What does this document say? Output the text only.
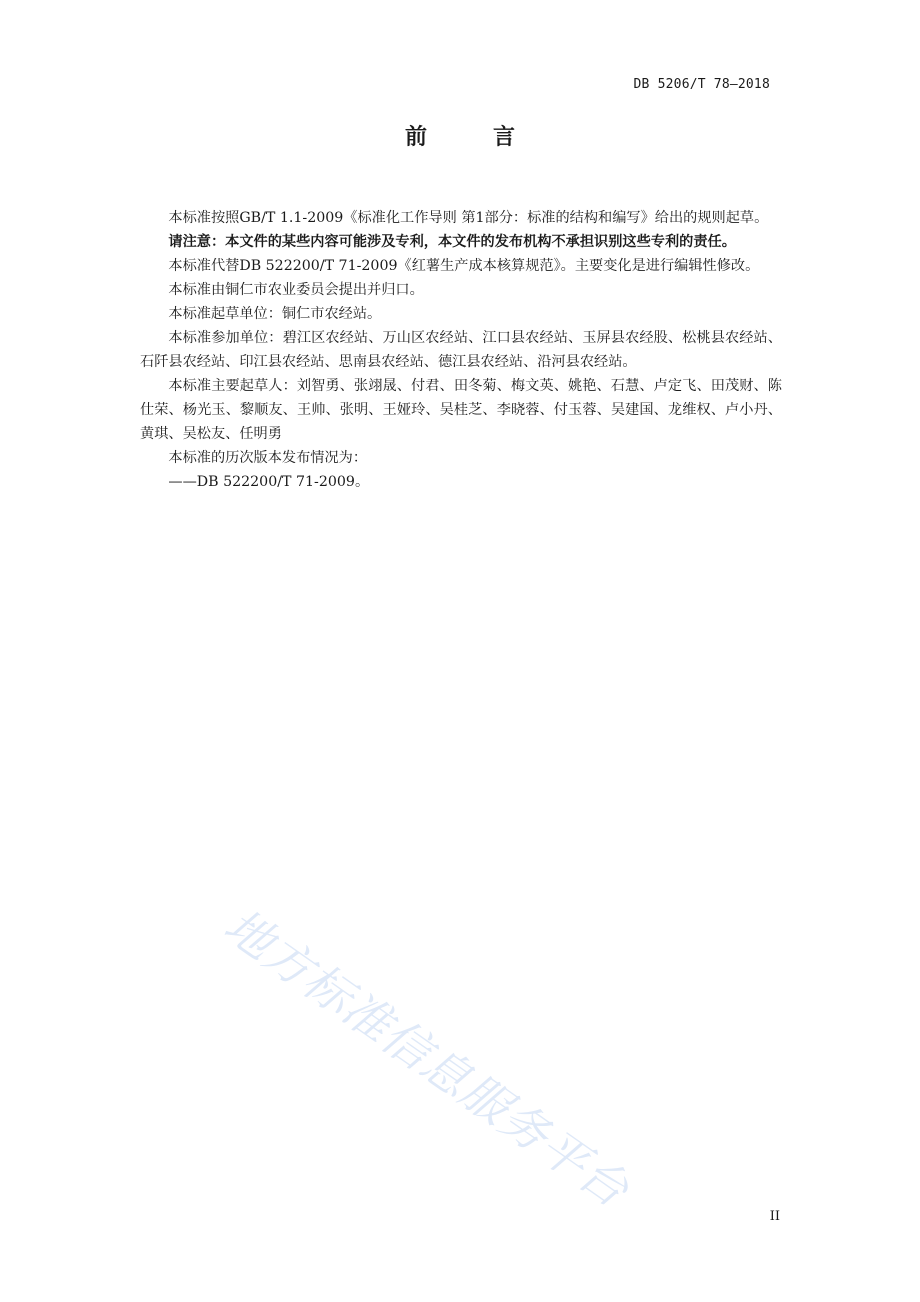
DB 5206/T 78—2018
前　言

本标准按照GB/T 1.1-2009《标准化工作导则 第1部分：标准的结构和编写》给出的规则起草。

请注意：本文件的某些内容可能涉及专利，本文件的发布机构不承担识别这些专利的责任。

本标准代替DB 522200/T 71-2009《红薯生产成本核算规范》。主要变化是进行编辑性修改。

本标准由铜仁市农业委员会提出并归口。

本标准起草单位：铜仁市农经站。

本标准参加单位：碧江区农经站、万山区农经站、江口县农经站、玉屏县农经股、松桃县农经站、石阡县农经站、印江县农经站、思南县农经站、德江县农经站、沿河县农经站。

本标准主要起草人：刘智勇、张翊晟、付君、田冬菊、梅文英、姚艳、石慧、卢定飞、田茂财、陈仕荣、杨光玉、黎顺友、王帅、张明、王娅玲、吴桂芝、李晓蓉、付玉蓉、吴建国、龙维权、卢小丹、黄琪、吴松友、任明勇

本标准的历次版本发布情况为：

——DB 522200/T 71-2009。

地方标准信息服务平台	II
